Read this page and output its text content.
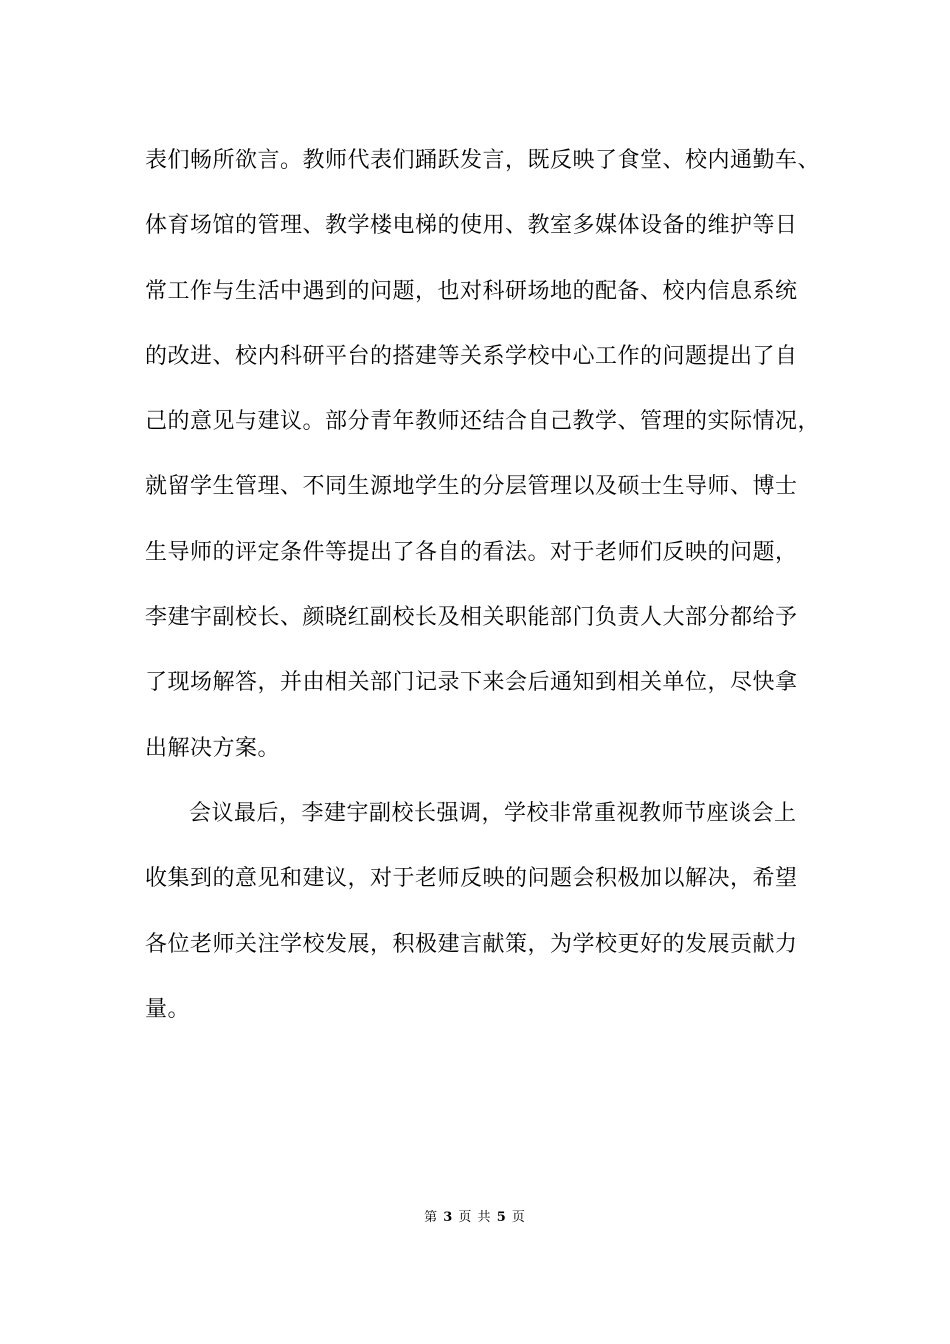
表们畅所欲言。教师代表们踊跃发言，既反映了食堂、校内通勤车、
体育场馆的管理、教学楼电梯的使用、教室多媒体设备的维护等日
常工作与生活中遇到的问题，也对科研场地的配备、校内信息系统
的改进、校内科研平台的搭建等关系学校中心工作的问题提出了自
己的意见与建议。部分青年教师还结合自己教学、管理的实际情况，
就留学生管理、不同生源地学生的分层管理以及硕士生导师、博士
生导师的评定条件等提出了各自的看法。对于老师们反映的问题，
李建宇副校长、颜晓红副校长及相关职能部门负责人大部分都给予
了现场解答，并由相关部门记录下来会后通知到相关单位，尽快拿
出解决方案。
会议最后，李建宇副校长强调，学校非常重视教师节座谈会上
收集到的意见和建议，对于老师反映的问题会积极加以解决，希望
各位老师关注学校发展，积极建言献策，为学校更好的发展贡献力
量。
第 3 页 共 5 页
